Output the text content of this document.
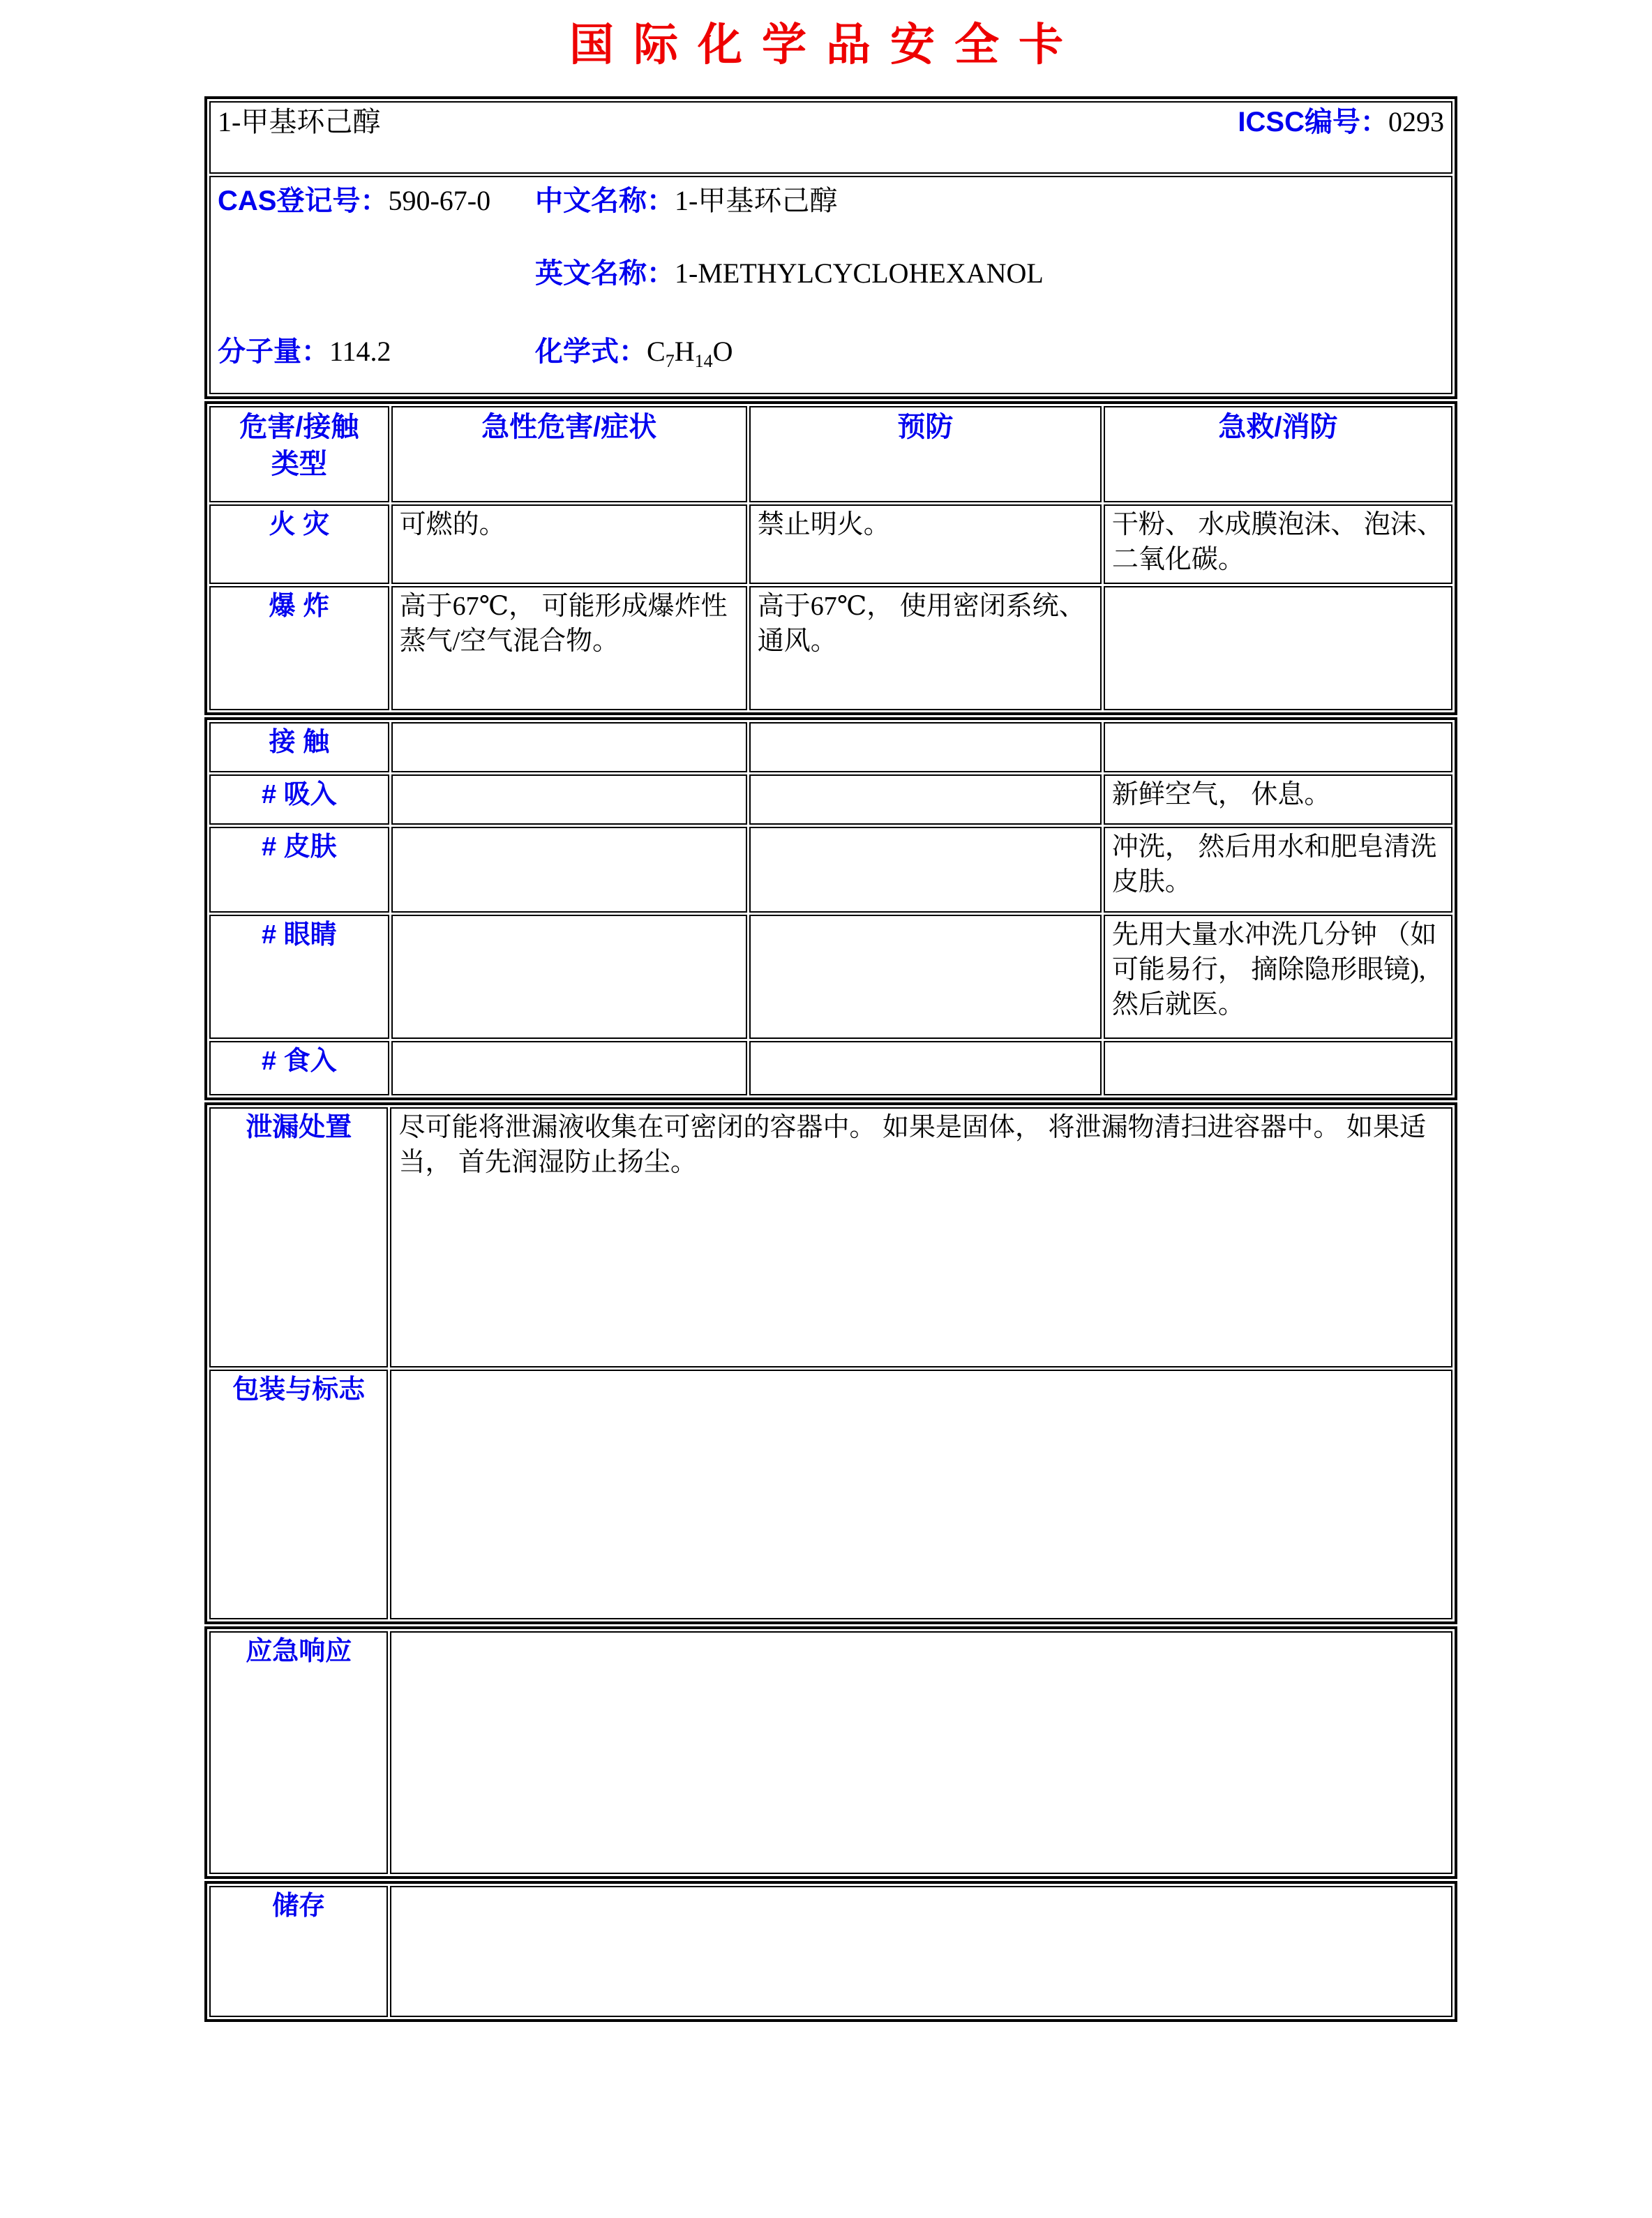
国际化学品安全卡
1-甲基环己醇	ICSC编号：0293

CAS登记号：590-67-0	中文名称：1-甲基环己醇
英文名称：1-METHYLCYCLOHEXANOL
分子量：114.2	化学式：$C_7H_{14}O$
危害/接触
类型	急性危害/症状	预防	急救/消防

火 灾	可燃的。	禁止明火。	干粉、 水成膜泡沫、 泡沫、 二氧化碳。
爆 炸	高于67℃， 可能形成爆炸性蒸气/空气混合物。	高于67℃， 使用密闭系统、 通风。	
接 触			
# 吸入			新鲜空气， 休息。
# 皮肤			冲洗， 然后用水和肥皂清洗皮肤。
# 眼睛			先用大量水冲洗几分钟 （如可能易行， 摘除隐形眼镜), 然后就医。
# 食入			
泄漏处置	尽可能将泄漏液收集在可密闭的容器中。 如果是固体， 将泄漏物清扫进容器中。 如果适当， 首先润湿防止扬尘。
包装与标志	
应急响应	
储存	
